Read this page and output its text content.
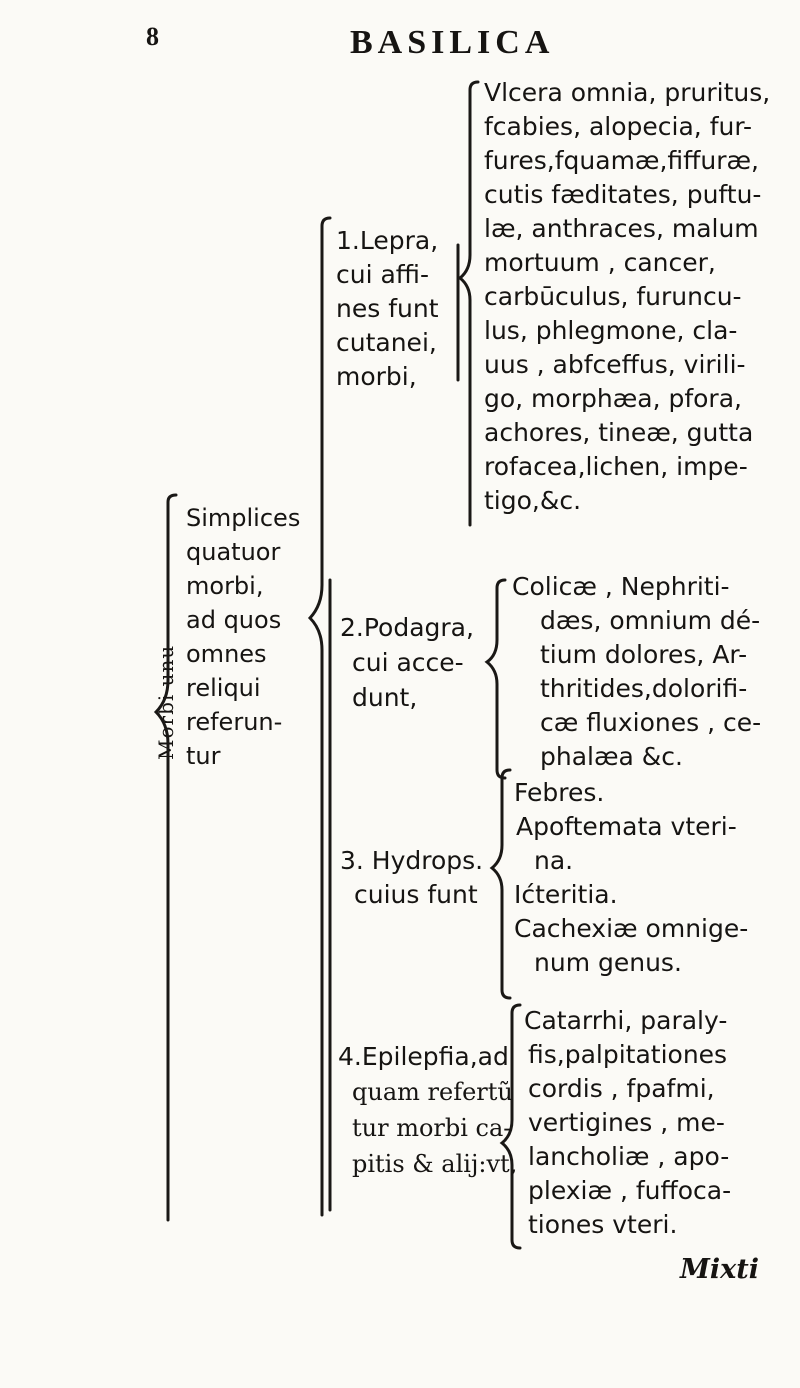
8	BASILICA
Morbi unu
Simplices
quatuor
morbi,
ad quos
omnes
reliqui
referun-
tur
1.Lepra,
cui affi-
nes funt
cutanei,
morbi,
2.Podagra,
cui acce-
dunt,
3. Hydrops.
cuius funt
4.Epilepfia,ad
quam refertũ
tur morbi ca-
pitis & alij:vt,
Vlcera omnia, pruritus,
fcabies, alopecia, fur-
fures,fquamæ,fiffuræ,
cutis fæditates, puftu-
læ, anthraces, malum
mortuum , cancer,
carbūculus, furuncu-
lus, phlegmone, cla-
uus , abfceffus, virili-
go, morphæa, pfora,
achores, tineæ, gutta
rofacea,lichen, impe-
tigo,&c.
Colicæ , Nephriti-
dæs, omnium dé-
tium dolores, Ar-
thritides,dolorifi-
cæ fluxiones , ce-
phalæa &c.
Febres.
Apoftemata vteri-
na.
Ićteritia.
Cachexiæ omnige-
num genus.
Catarrhi, paraly-
fis,palpitationes
cordis , fpafmi,
vertigines , me-
lancholiæ , apo-
plexiæ , fuffoca-
tiones vteri.
Mixti
